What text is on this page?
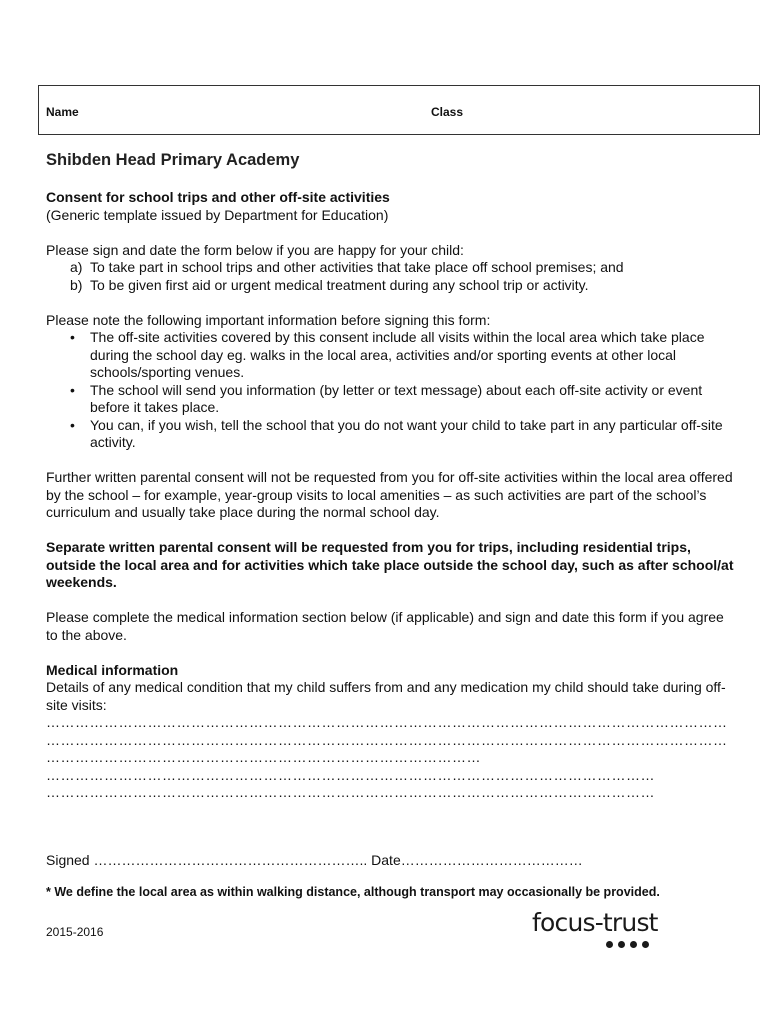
Name	Class

Shibden Head Primary Academy

Consent for school trips and other off-site activities

(Generic template issued by Department for Education)

Please sign and date the form below if you are happy for your child:

a) To take part in school trips and other activities that take place off school premises; and
b) To be given first aid or urgent medical treatment during any school trip or activity.

Please note the following important information before signing this form:

• The off-site activities covered by this consent include all visits within the local area which take place during the school day eg. walks in the local area, activities and/or sporting events at other local schools/sporting venues.
• The school will send you information (by letter or text message) about each off-site activity or event before it takes place.
• You can, if you wish, tell the school that you do not want your child to take part in any particular off-site activity.

Further written parental consent will not be requested from you for off-site activities within the local area offered by the school – for example, year-group visits to local amenities – as such activities are part of the school’s curriculum and usually take place during the normal school day.

Separate written parental consent will be requested from you for trips, including residential trips, outside the local area and for activities which take place outside the school day, such as after school/at weekends.

Please complete the medical information section below (if applicable) and sign and date this form if you agree to the above.

Medical information

Details of any medical condition that my child suffers from and any medication my child should take during off-site visits:

……………………………………………………………………………………………………………………………
……………………………………………………………………………………………………………………………
………………………………………………………………………………
………………………………………………………………………………………………………………
………………………………………………………………………………………………………………
Signed ………………………………………………….. Date…………………………………
* We define the local area as within walking distance, although transport may occasionally be provided.
2015-2016	focus-trust
